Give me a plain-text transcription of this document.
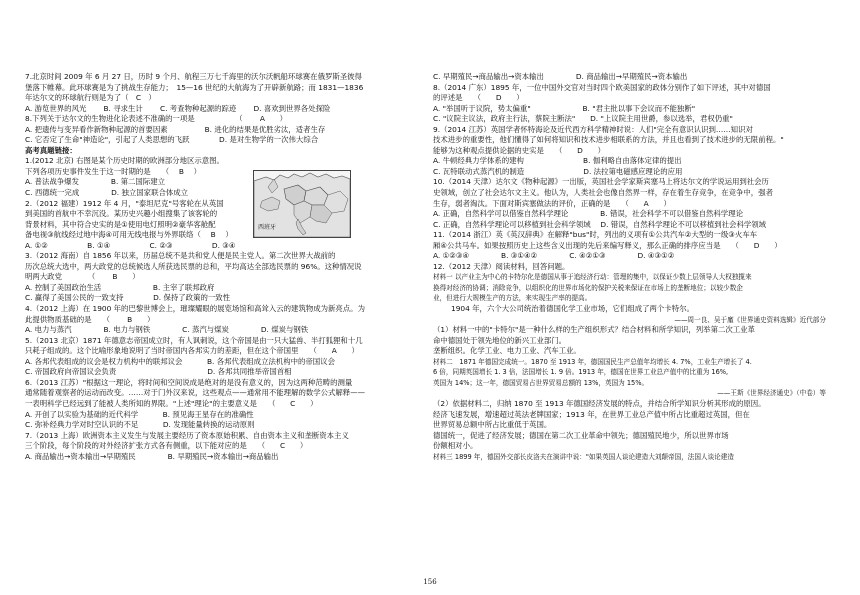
7.北京时间 2009 年 6 月 27 日，历时 9 个月、航程三万七千海里的沃尔沃帆船环球赛在俄罗斯圣彼得
堡落下帷幕。此环球赛是为了挑战生存能力；　15—16 世纪的大航海为了开辟新航路；而 1831—1836
年达尔文的环球航行则是为了（　C　）
A. 游览世界的风光　　 B. 寻求生计　　 C. 考查物种起源的踪迹　　 D. 喜欢到世界各处探险
8.下列关于达尔文的生物进化论表述不准确的一项是　　　　　　（　　 A　　）
A. 把遗传与变异看作新物种起源的首要因素　　　　　B. 进化的结果是优胜劣汰，适者生存
C. 它否定了生命"神造论"，引起了人类思想的飞跃　　　　D. 是对生物学的一次伟大综合
高考真题链接：
1.(2012 北京) 右图是某个历史时期的欧洲部分地区示意图。
下列各项历史事件发生于这一时期的是　　（　 B　 ）
A. 普法战争爆发　　　　 B. 第二国际建立
C. 西德统一完成　　　　 D. 独立国家联合体成立
2.（2012 福建）1912 年 4 月，"泰坦尼克"号客轮在从英国
到美国的首航中不幸沉没。某历史兴趣小组搜集了该客轮的
背景材料，其中符合史实的是①使用电灯照明②豪华客舱配
备电视③航线经过地中海④可用无线电报与外界联络（　 B　 ）
A. ①②　　　　　 B. ①④　　　　　 C. ②③　　　　　 D. ③④
3.（2012 海南）自 1856 年以来，历届总统不是共和党人便是民主党人。第二次世界大战前的
历次总统大选中，两大政党的总统候选人所获选民票的总和，平均高达全部选民票的 96%。这种情况说
明两大政党　　　　（　　 B　　）
A. 控制了美国政治生活　　　　　　　B. 主宰了联邦政府
C. 赢得了美国公民的一致支持　　　　D. 保持了政策的一致性
4.（2012 上海）在 1900 年的巴黎世博会上，璀璨耀眼的展览场馆和高耸入云的建筑物成为新亮点。为
此提供物质基础的是　　（　　 B　　）
A. 电力与蒸汽　　　　 B. 电力与钢铁　　　　 C. 蒸汽与煤炭　　　　 D. 煤炭与钢铁
5.（2013 北京）1871 年德意志帝国成立时，有人讽刺说，这个帝国是由一只大猛兽、半打狐狸和十几
只耗子组成的。这个比喻形象地说明了当时帝国内各邦实力的差距，但在这个帝国里　　（　　A　　）
A. 各邦代表组成的议会是权力机构中的联邦议会　　　 B. 各邦代表组成立法机构中的帝国议会
C. 帝国政府向帝国议会负责　　　　　　　　　　　　 D. 各邦共同推举帝国首相
6.（2013 江苏）"根据这一理论，将时间和空间说成是绝对的是没有意义的，因为这两种范畴的测量
通常随着观察者的运动而改变。……对于门外汉来说，这些观点——通常用不能理解的数学公式解释——
一表明科学已经远到了能被人类所知的界限。"上述"理论"的主要意义是　　（　　C　　）
A. 开创了以实验为基础的近代科学　　　 B. 预见海王星存在的准确性
C. 弥补经典力学对时空认识的不足　　　 D. 发现能量转换的运动原则
7.（2013 上海）欧洲资本主义发生与发展主要经历了资本原始积累、自由资本主义和垄断资本主义
三个阶段，每个阶段的对外经济扩张方式各有侧重，以下能对应的是　　（　　C　　）
A. 商品输出→资本输出→早期殖民　　　　 B. 早期殖民→资本输出→商品输出
C. 早期殖民→商品输出→资本输出　　　　 D. 商品输出→早期殖民→资本输出
8.（2014 广东）1895 年，一位中国外交官对当时四个欧美国家的政体分别作了如下评述，其中对德国
的评述是　　（　　D　　）
A. "举国听于议院，势太偏重"　　　　　　　B. "君主批以事下会议而不能独断"
C. "议院主议法，政府主行法，蔡院主断法"　　D. "上议院主用世爵，参以选举，君权仍重"
9.（2014 江苏）英国学者怀特海论及近代西方科学精神时说：人们"完全有意识认识到……知识对
技术进步的重要性，他们懂得了如何将知识和技术进步相联系的方法，并且也看到了技术进步的无限前程。"
能够为这种观点提供论据的史实是　　（　　D　　）
A. 牛顿经典力学体系的建构　　　　　　　　B. 伽利略自由落体定律的提出
C. 瓦特联动式蒸汽机的制造　　　　　　　　D. 法拉第电磁感应理论的应用
10.（2014 天津）达尔文《物种起源》一出版，英国社会学家斯宾塞马上将达尔文的学说运用到社会历
史领域，创立了社会达尔文主义。他认为，人类社会也像自然界一样，存在着生存竞争，在竞争中，强者
生存，弱者淘汰。下面对斯宾塞做法的评价，正确的是　　（　　A　　）
A. 正确，自然科学可以借鉴自然科学理论　　　　 B. 错误，社会科学不可以借鉴自然科学理论
C. 正确，自然科学理论可以移植到社会科学领域　 D. 错误，自然科学理论不可以移植到社会科学领域
11.（2014 浙江）英《英汉辞典》在解释"bus"时，列出的义项有①公共汽车②大型的一级③火车车
厢④公共马车。如果按照历史上这些含义出现的先后来编写释义，那么正确的排序应当是　　（　　D　　）
A. ①②③④　　　　 B. ③①④②　　　　 C. ④②①③　　　　 D. ④③①②
12.（2012 天津）阅读材料，回答问题。
材料一 以产业主为中心的卡特尔化是德国从事于追经济行动：管理的集中，以保证少数上层领导人大权独揽来
换得对经济的协调；消除竞争，以组织化的世界市场化的保护关税来保证在市场上的垄断地位；以较少数企
业，但进行大规模生产的方法，来实现生产率的提高。
1904 年，六个大公司统治着德国化学工业市场，它们组成了两个卡特尔。
——周一良、吴于廑《世界通史资料选辑》近代部分
（1）材料一中的"卡特尔"是一种什么样的生产组织形式？结合材料和所学知识，列举第二次工业革
命中德国处于领先地位的新兴工业部门。
垄断组织。化学工业、电力工业、汽车工业。
材料二　1871 年德国完成统一。1870 至 1913 年，德国国民生产总值年均增长 4. 7%，工业生产增长了 4.
6 倍，同期英国增长 1. 3 倍，法国增长 1. 9 倍。1913 年，德国在世界工业总产值中的比重为 16%,
英国为 14%；这一年，德国贸易占世界贸易总额的 13%，英国为 15%。
——王斯《世界经济通史》（中卷）等
（2）依据材料二，归纳 1870 至 1913 年德国经济发展的特点，并结合所学知识分析其形成的原因。
经济飞速发展，增速超过英法老牌国家；1913 年，在世界工业总产值中所占比重超过英国，但在
世界贸易总额中所占比重低于英国。
德国统一，促进了经济发展；德国在第二次工业革命中领先；德国殖民地少，所以世界市场
份额相对小。
材料三 1899 年，德国外交部长皮洛夫在演讲中说："如果英国人谈论建造大刘颠帝国，法国人谈论建造
西班牙
156
